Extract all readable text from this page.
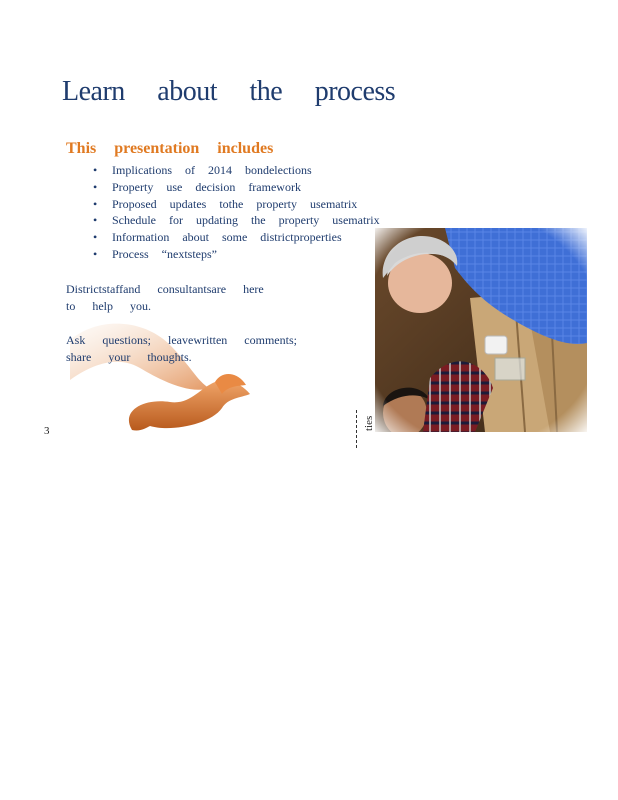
Learn about the process
This presentation includes
• Implications of 2014 bondelections
• Property use decision framework
• Proposed updates tothe property usematrix
• Schedule for updating the property usematrix
• Information about some districtproperties
• Process “nextsteps”

Districtstaffand consultantsare here
to help you.

Ask questions; leavewritten comments;
share your thoughts.

3	ties
